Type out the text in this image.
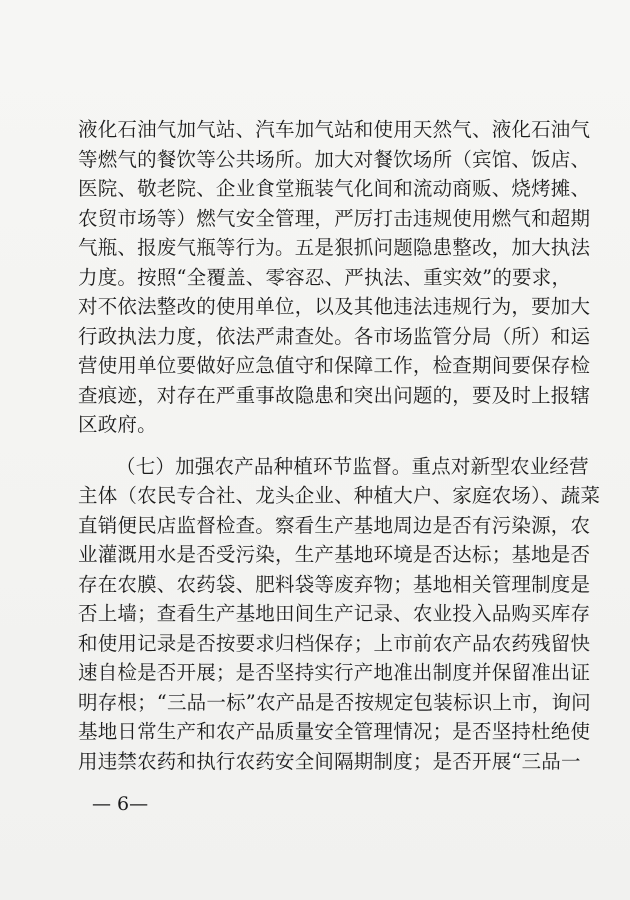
液化石油气加气站、汽车加气站和使用天然气、液化石油气
等燃气的餐饮等公共场所。加大对餐饮场所（宾馆、饭店、
医院、敬老院、企业食堂瓶装气化间和流动商贩、烧烤摊、
农贸市场等）燃气安全管理，严厉打击违规使用燃气和超期
气瓶、报废气瓶等行为。五是狠抓问题隐患整改，加大执法
力度。按照“全覆盖、零容忍、严执法、重实效”的要求，
对不依法整改的使用单位，以及其他违法违规行为，要加大
行政执法力度，依法严肃查处。各市场监管分局（所）和运
营使用单位要做好应急值守和保障工作，检查期间要保存检
查痕迹，对存在严重事故隐患和突出问题的，要及时上报辖
区政府。
（七）加强农产品种植环节监督。重点对新型农业经营
主体（农民专合社、龙头企业、种植大户、家庭农场）、蔬菜
直销便民店监督检查。察看生产基地周边是否有污染源，农
业灌溉用水是否受污染，生产基地环境是否达标；基地是否
存在农膜、农药袋、肥料袋等废弃物；基地相关管理制度是
否上墙；查看生产基地田间生产记录、农业投入品购买库存
和使用记录是否按要求归档保存；上市前农产品农药残留快
速自检是否开展；是否坚持实行产地准出制度并保留准出证
明存根；“三品一标”农产品是否按规定包装标识上市，询问
基地日常生产和农产品质量安全管理情况；是否坚持杜绝使
用违禁农药和执行农药安全间隔期制度；是否开展“三品一
— 6—
